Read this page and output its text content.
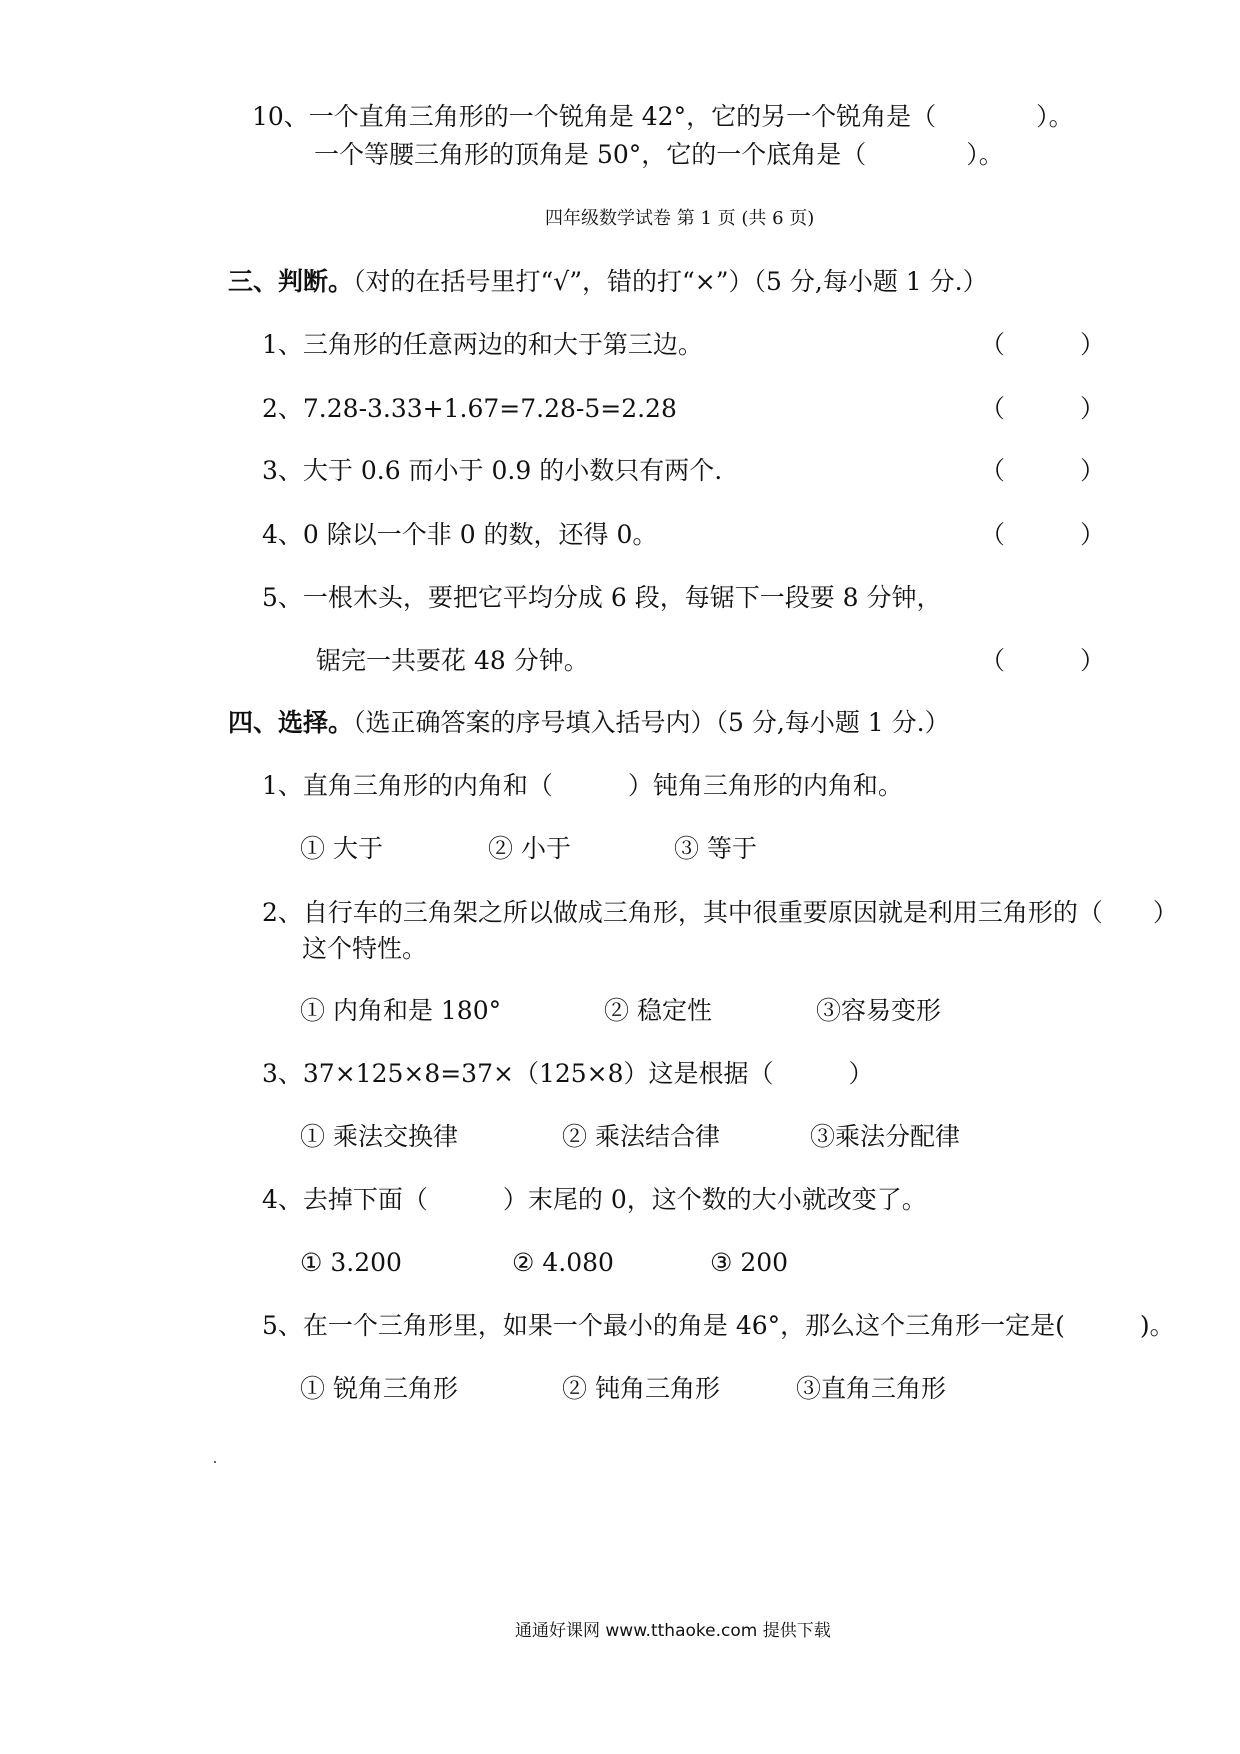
10、一个直角三角形的一个锐角是 42°，它的另一个锐角是（　　　　）。
一个等腰三角形的顶角是 50°，它的一个底角是（　　　　）。
四年级数学试卷 第 1 页 (共 6 页)
三、判断。（对的在括号里打“√”，错的打“×”）（5 分,每小题 1 分.）
1、三角形的任意两边的和大于第三边。	（　　　）
2、7.28-3.33+1.67=7.28-5=2.28	（　　　）
3、大于 0.6 而小于 0.9 的小数只有两个.	（　　　）
4、0 除以一个非 0 的数，还得 0。	（　　　）
5、一根木头，要把它平均分成 6 段，每锯下一段要 8 分钟，
锯完一共要花 48 分钟。	（　　　）
四、选择。（选正确答案的序号填入括号内）（5 分,每小题 1 分.）
1、直角三角形的内角和（　　　）钝角三角形的内角和。
① 大于	② 小于	③ 等于
2、自行车的三角架之所以做成三角形，其中很重要原因就是利用三角形的（　　）
这个特性。
① 内角和是 180°	② 稳定性	③容易变形
3、37×125×8=37×（125×8）这是根据（　　　）
① 乘法交换律	② 乘法结合律	③乘法分配律
4、去掉下面（　　　）末尾的 0，这个数的大小就改变了。
① 3.200	② 4.080	③ 200
5、在一个三角形里，如果一个最小的角是 46°，那么这个三角形一定是(　　　)。
① 锐角三角形	② 钝角三角形	③直角三角形
通通好课网 www.tthaoke.com 提供下载
